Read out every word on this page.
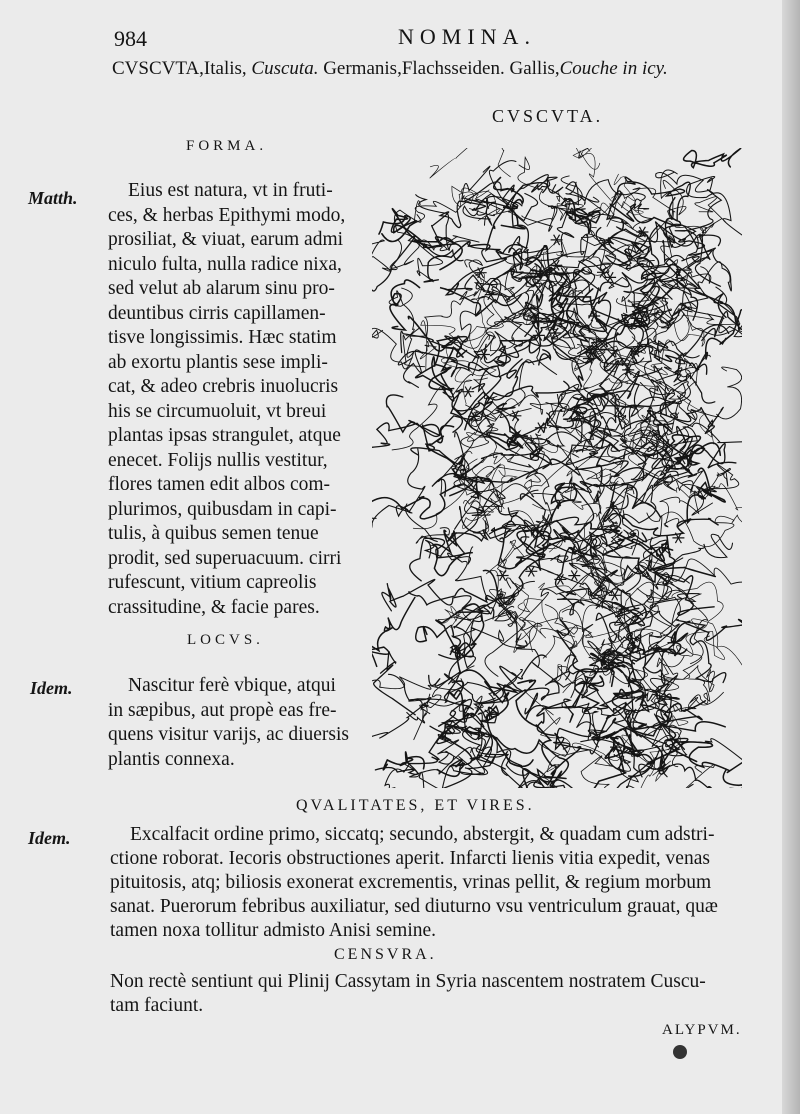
984	NOMINA.
CVSCVTA,Italis, Cuscuta. Germanis,Flachsseiden. Gallis,Couche in icy.
CVSCVTA.
FORMA.
Matth.	Eius est natura, vt in fruti-
ces, & herbas Epithymi modo,
prosiliat, & viuat, earum admi
niculo fulta, nulla radice nixa,
sed velut ab alarum sinu pro-
deuntibus cirris capillamen-
tisve longissimis. Hæc statim
ab exortu plantis sese impli-
cat, & adeo crebris inuolucris
his se circumuoluit, vt breui
plantas ipsas strangulet, atque
enecet. Folijs nullis vestitur,
flores tamen edit albos com-
plurimos, quibusdam in capi-
tulis, à quibus semen tenue
prodit, sed superuacuum. cirri
rufescunt, vitium capreolis
crassitudine, & facie pares.
LOCVS.
Idem.	Nascitur ferè vbique, atqui
in sæpibus, aut propè eas fre-
quens visitur varijs, ac diuersis
plantis connexa.
QVALITATES, ET VIRES.
Idem.	Excalfacit ordine primo, siccatq; secundo, abstergit, & quadam cum adstri-
ctione roborat. Iecoris obstructiones aperit. Infarcti lienis vitia expedit, venas
pituitosis, atq; biliosis exonerat excrementis, vrinas pellit, & regium morbum
sanat. Puerorum febribus auxiliatur, sed diuturno vsu ventriculum grauat, quæ
tamen noxa tollitur admisto Anisi semine.
CENSVRA.
Non rectè sentiunt qui Plinij Cassytam in Syria nascentem nostratem Cuscu-
tam faciunt.
ALYPVM.
